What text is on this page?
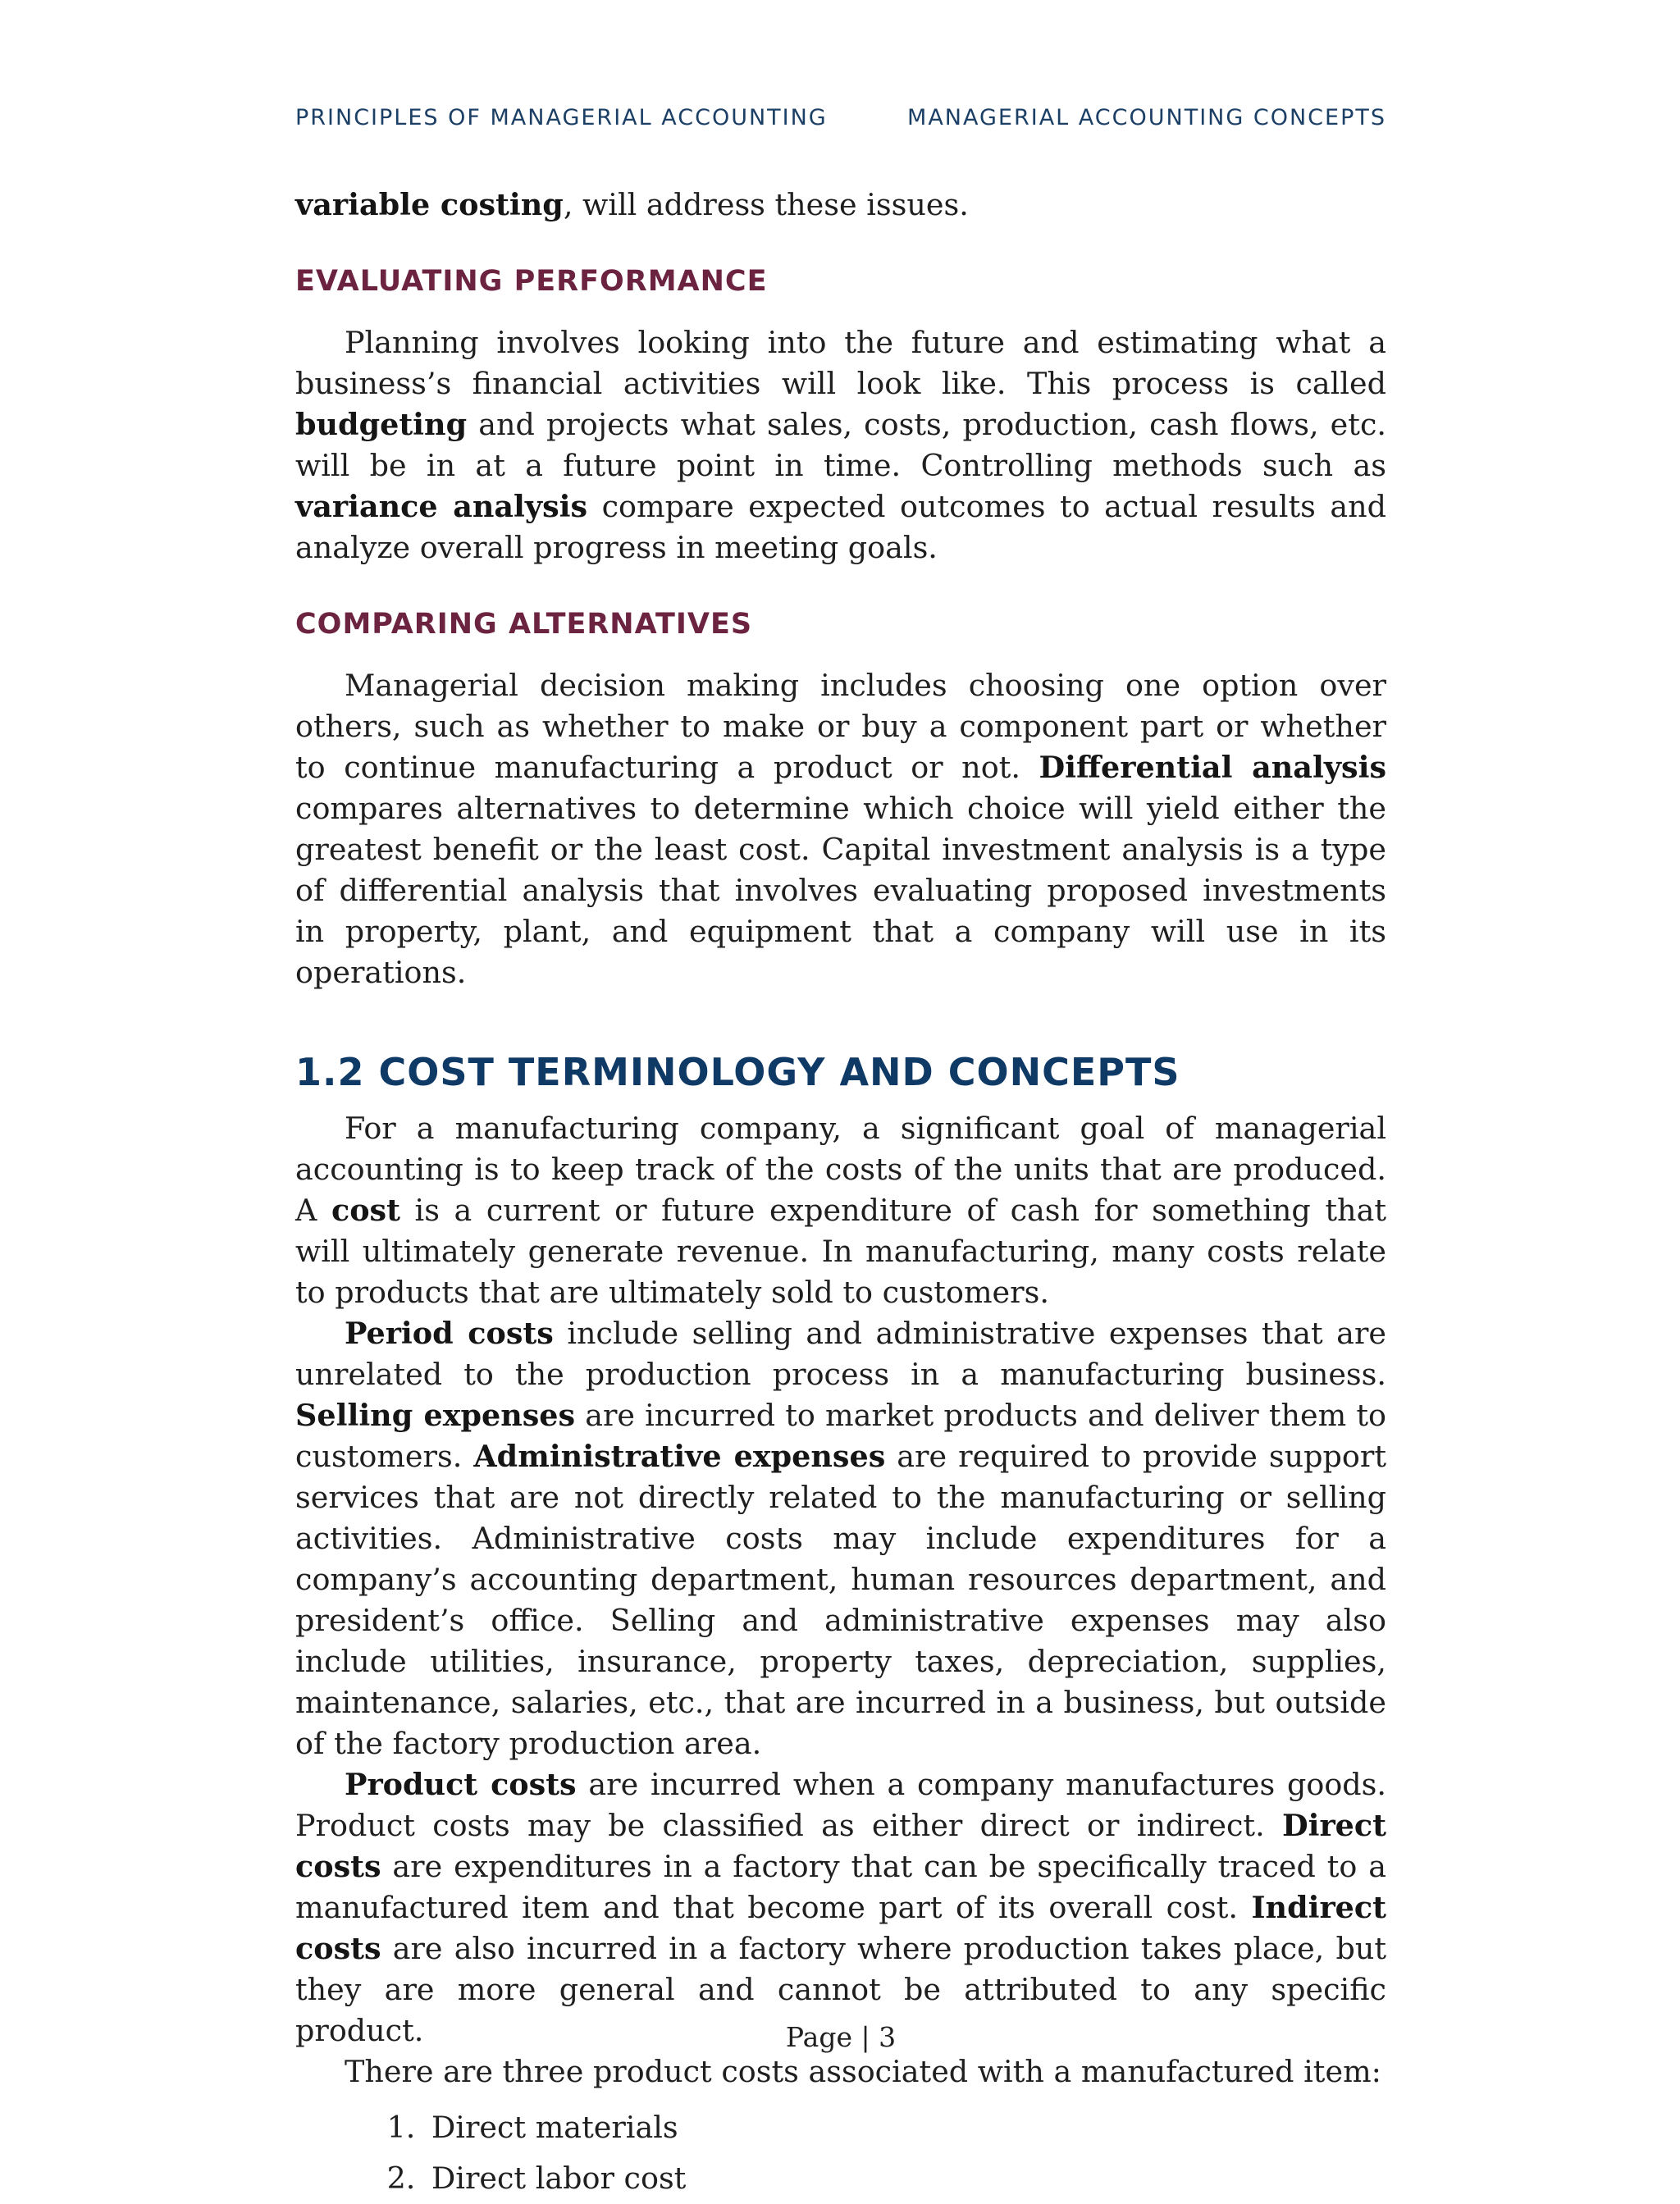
PRINCIPLES OF MANAGERIAL ACCOUNTING	MANAGERIAL ACCOUNTING CONCEPTS

variable costing, will address these issues.

EVALUATING PERFORMANCE

Planning involves looking into the future and estimating what a business’s financial activities will look like. This process is called budgeting and projects what sales, costs, production, cash flows, etc. will be in at a future point in time. Controlling methods such as variance analysis compare expected outcomes to actual results and analyze overall progress in meeting goals.

COMPARING ALTERNATIVES

Managerial decision making includes choosing one option over others, such as whether to make or buy a component part or whether to continue manufacturing a product or not. Differential analysis compares alternatives to determine which choice will yield either the greatest benefit or the least cost. Capital investment analysis is a type of differential analysis that involves evaluating proposed investments in property, plant, and equipment that a company will use in its operations.

1.2 COST TERMINOLOGY AND CONCEPTS

For a manufacturing company, a significant goal of managerial accounting is to keep track of the costs of the units that are produced. A cost is a current or future expenditure of cash for something that will ultimately generate revenue. In manufacturing, many costs relate to products that are ultimately sold to customers.

Period costs include selling and administrative expenses that are unrelated to the production process in a manufacturing business. Selling expenses are incurred to market products and deliver them to customers. Administrative expenses are required to provide support services that are not directly related to the manufacturing or selling activities. Administrative costs may include expenditures for a company’s accounting department, human resources department, and president’s office. Selling and administrative expenses may also include utilities, insurance, property taxes, depreciation, supplies, maintenance, salaries, etc., that are incurred in a business, but outside of the factory production area.

Product costs are incurred when a company manufactures goods. Product costs may be classified as either direct or indirect. Direct costs are expenditures in a factory that can be specifically traced to a manufactured item and that become part of its overall cost. Indirect costs are also incurred in a factory where production takes place, but they are more general and cannot be attributed to any specific product.

There are three product costs associated with a manufactured item:

1. Direct materials
2. Direct labor cost
Page | 3
